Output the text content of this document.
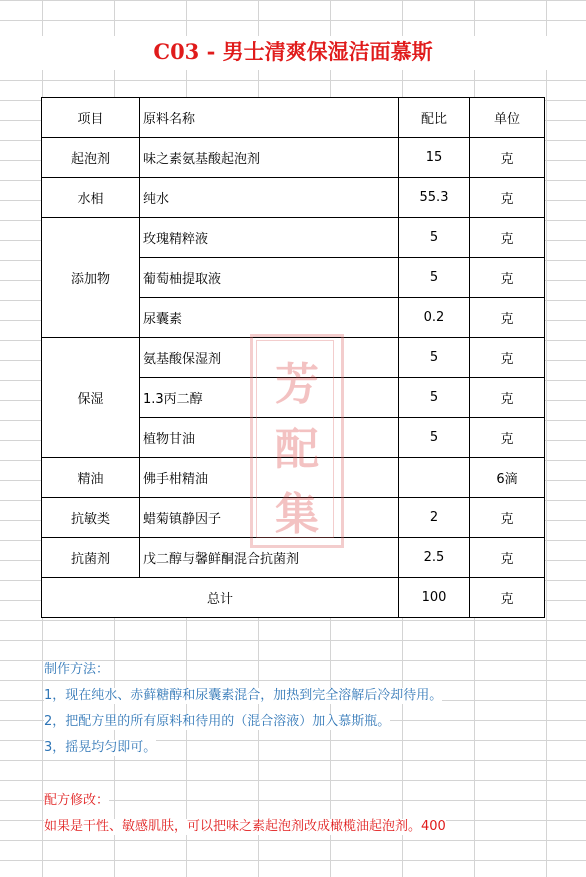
C03 - 男士清爽保湿洁面慕斯
项目	原料名称	配比	单位
起泡剂	味之素氨基酸起泡剂	15	克
水相	纯水	55.3	克
添加物	玫瑰精粹液	5	克
	葡萄柚提取液	5	克
	尿囊素	0.2	克
保湿	氨基酸保湿剂	5	克
	1.3丙二醇	5	克
	植物甘油	5	克
精油	佛手柑精油		6滴
抗敏类	蜡菊镇静因子	2	克
抗菌剂	戊二醇与馨鲜酮混合抗菌剂	2.5	克
总计		100	克
芳
配
集
制作方法：
1，现在纯水、赤藓糖醇和尿囊素混合，加热到完全溶解后冷却待用。
2，把配方里的所有原料和待用的（混合溶液）加入慕斯瓶。
3，摇晃均匀即可。
配方修改：
如果是干性、敏感肌肤，可以把味之素起泡剂改成橄榄油起泡剂。400
